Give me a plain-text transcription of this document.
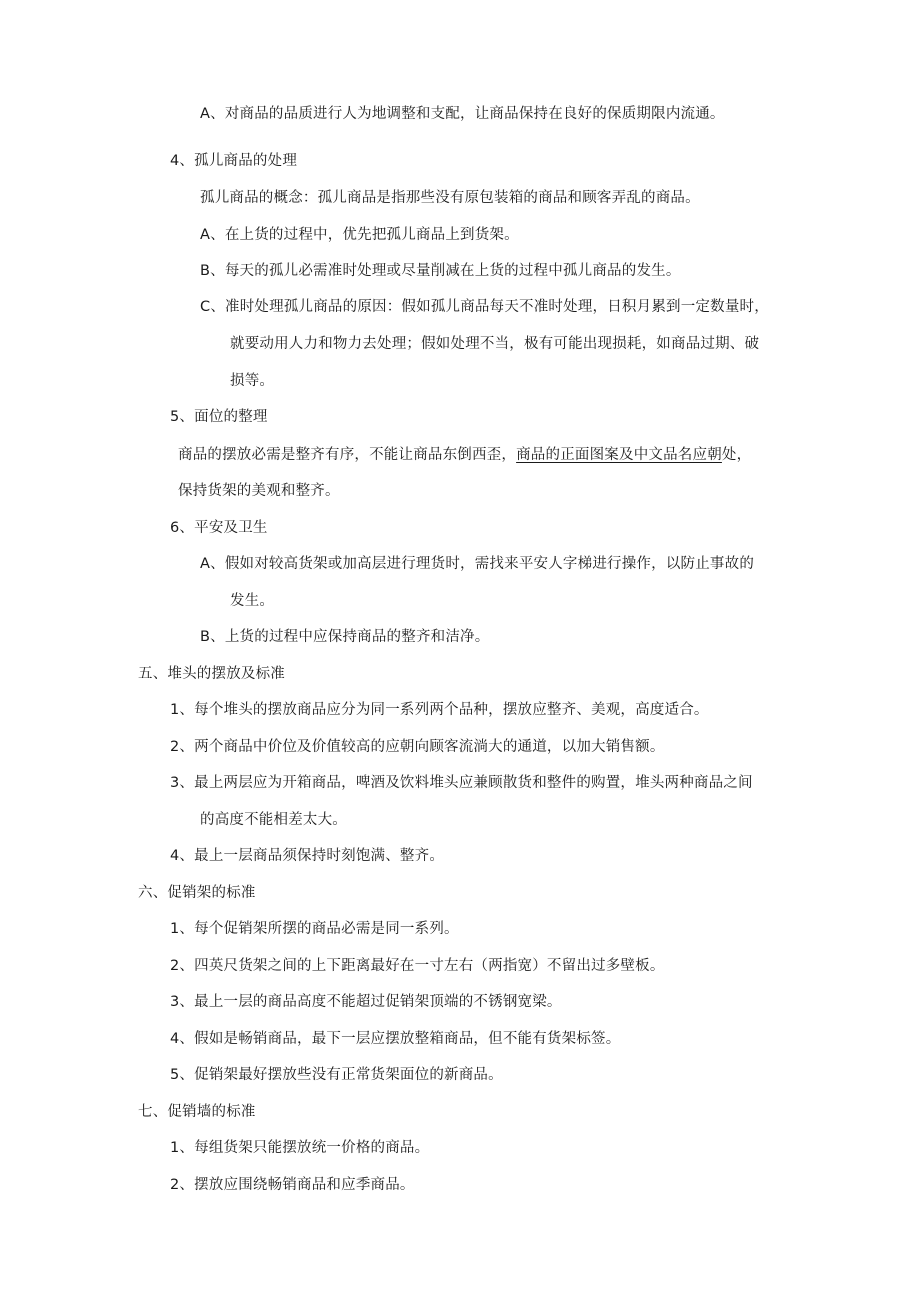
A、对商品的品质进行人为地调整和支配，让商品保持在良好的保质期限内流通。
4、孤儿商品的处理
孤儿商品的概念：孤儿商品是指那些没有原包装箱的商品和顾客弄乱的商品。
A、在上货的过程中，优先把孤儿商品上到货架。
B、每天的孤儿必需准时处理或尽量削减在上货的过程中孤儿商品的发生。
C、准时处理孤儿商品的原因：假如孤儿商品每天不准时处理，日积月累到一定数量时，
就要动用人力和物力去处理；假如处理不当，极有可能出现损耗，如商品过期、破
损等。
5、面位的整理
商品的摆放必需是整齐有序，不能让商品东倒西歪，商品的正面图案及中文品名应朝处，
保持货架的美观和整齐。
6、平安及卫生
A、假如对较高货架或加高层进行理货时，需找来平安人字梯进行操作，以防止事故的
发生。
B、上货的过程中应保持商品的整齐和洁净。
五、堆头的摆放及标准
1、每个堆头的摆放商品应分为同一系列两个品种，摆放应整齐、美观，高度适合。
2、两个商品中价位及价值较高的应朝向顾客流淌大的通道，以加大销售额。
3、最上两层应为开箱商品，啤酒及饮料堆头应兼顾散货和整件的购置，堆头两种商品之间
的高度不能相差太大。
4、最上一层商品须保持时刻饱满、整齐。
六、促销架的标准
1、每个促销架所摆的商品必需是同一系列。
2、四英尺货架之间的上下距离最好在一寸左右（两指宽）不留出过多壁板。
3、最上一层的商品高度不能超过促销架顶端的不锈钢宽梁。
4、假如是畅销商品，最下一层应摆放整箱商品，但不能有货架标签。
5、促销架最好摆放些没有正常货架面位的新商品。
七、促销墙的标准
1、每组货架只能摆放统一价格的商品。
2、摆放应围绕畅销商品和应季商品。
